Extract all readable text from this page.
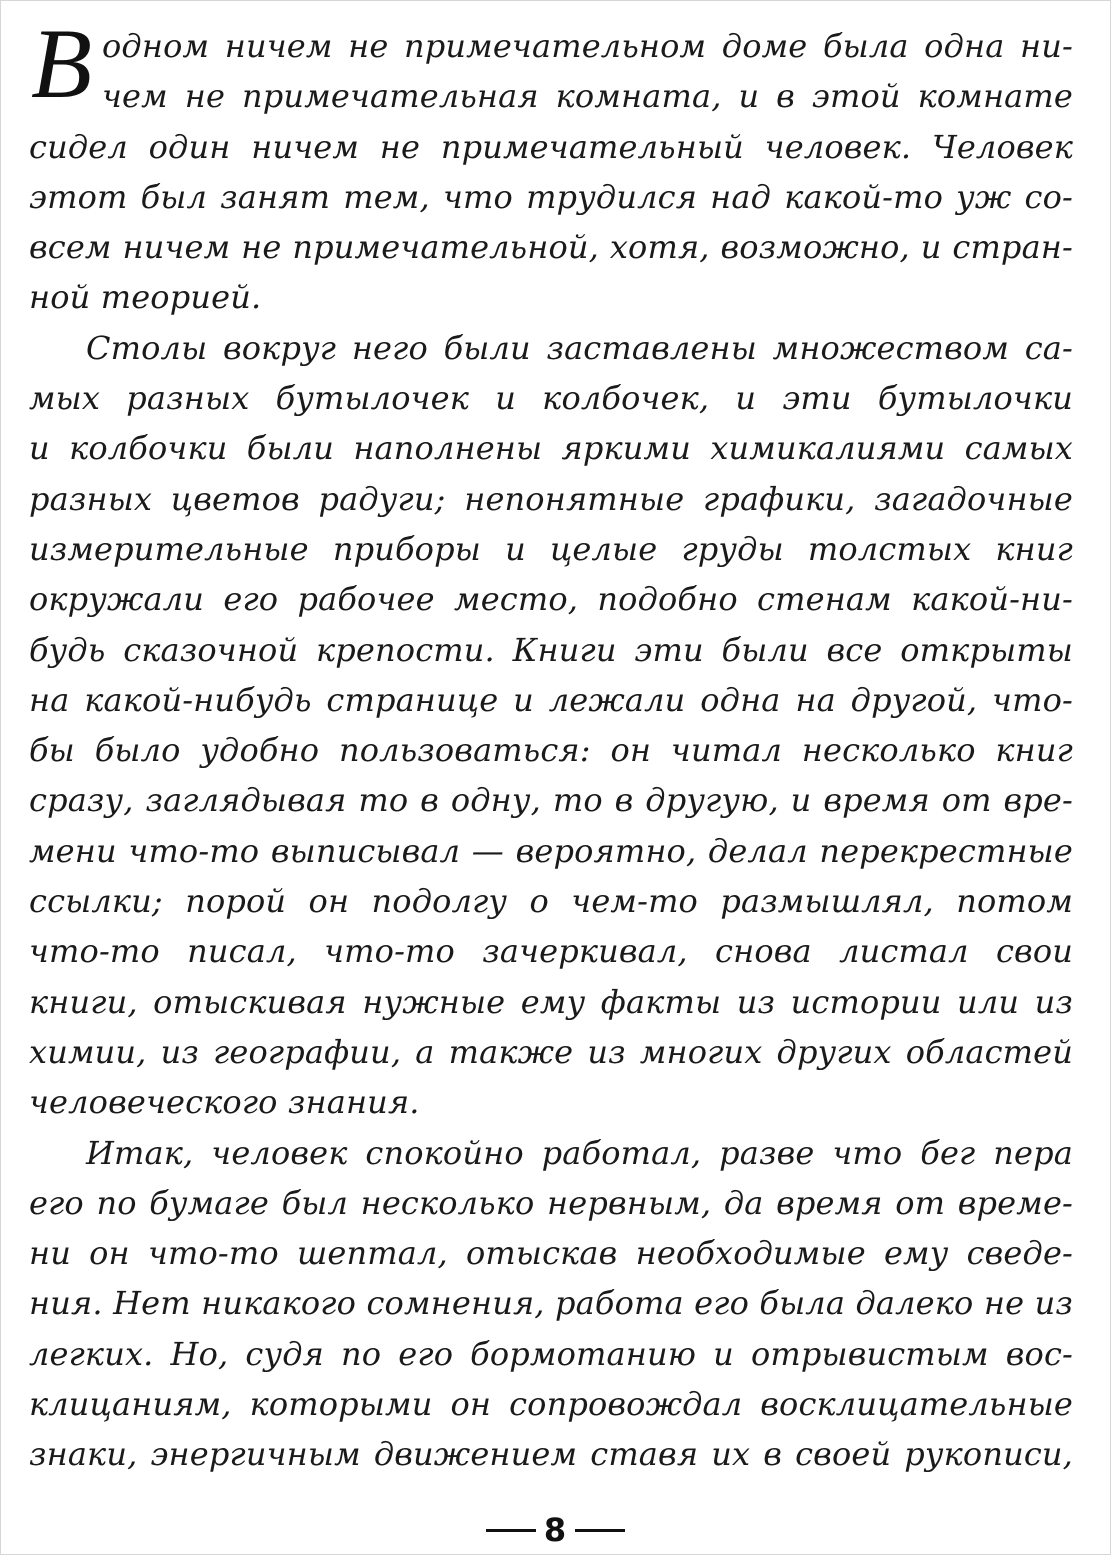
В одном ничем не примечательном доме была одна ни-
чем не примечательная комната, и в этой комнате
сидел один ничем не примечательный человек. Человек
этот был занят тем, что трудился над какой-то уж со-
всем ничем не примечательной, хотя, возможно, и стран-
ной теорией.
Столы вокруг него были заставлены множеством са-
мых разных бутылочек и колбочек, и эти бутылочки
и колбочки были наполнены яркими химикалиями самых
разных цветов радуги; непонятные графики, загадочные
измерительные приборы и целые груды толстых книг
окружали его рабочее место, подобно стенам какой-ни-
будь сказочной крепости. Книги эти были все открыты
на какой-нибудь странице и лежали одна на другой, что-
бы было удобно пользоваться: он читал несколько книг
сразу, заглядывая то в одну, то в другую, и время от вре-
мени что-то выписывал — вероятно, делал перекрестные
ссылки; порой он подолгу о чем-то размышлял, потом
что-то писал, что-то зачеркивал, снова листал свои
книги, отыскивая нужные ему факты из истории или из
химии, из географии, а также из многих других областей
человеческого знания.
Итак, человек спокойно работал, разве что бег пера
его по бумаге был несколько нервным, да время от време-
ни он что-то шептал, отыскав необходимые ему сведе-
ния. Нет никакого сомнения, работа его была далеко не из
легких. Но, судя по его бормотанию и отрывистым вос-
клицаниям, которыми он сопровождал восклицательные
знаки, энергичным движением ставя их в своей рукописи,
8
